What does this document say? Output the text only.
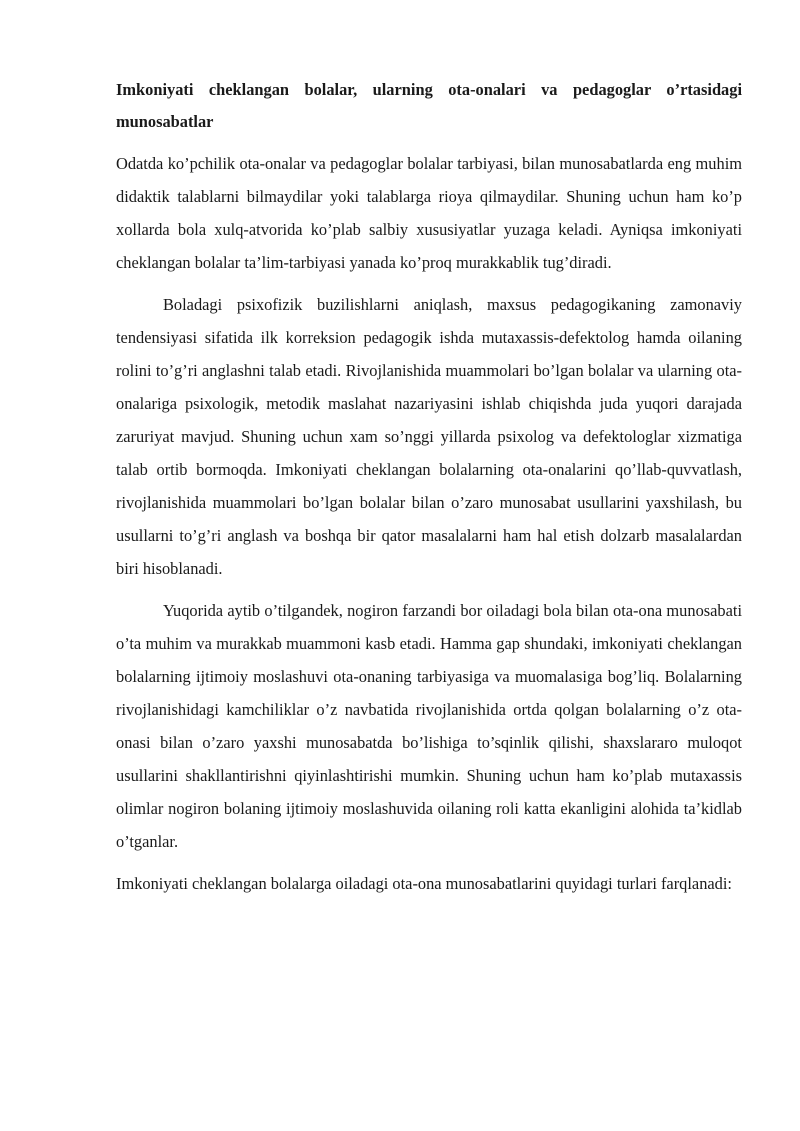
Imkoniyati cheklangan bolalar, ularning ota-onalari va pedagoglar o’rtasidagi munosabatlar

Odatda ko’pchilik ota-onalar va pedagoglar bolalar tarbiyasi, bilan munosabatlarda eng muhim didaktik talablarni bilmaydilar yoki talablarga rioya qilmaydilar. Shuning uchun ham ko’p xollarda bola xulq-atvorida ko’plab salbiy xususiyatlar yuzaga keladi. Ayniqsa imkoniyati cheklangan bolalar ta’lim-tarbiyasi yanada ko’proq murakkablik tug’diradi.

Boladagi psixofizik buzilishlarni aniqlash, maxsus pedagogikaning zamonaviy tendensiyasi sifatida ilk korreksion pedagogik ishda mutaxassis-defektolog hamda oilaning rolini to’g’ri anglashni talab etadi. Rivojlanishida muammolari bo’lgan bolalar va ularning ota-onalariga psixologik, metodik maslahat nazariyasini ishlab chiqishda juda yuqori darajada zaruriyat mavjud. Shuning uchun xam so’nggi yillarda psixolog va defektologlar xizmatiga talab ortib bormoqda. Imkoniyati cheklangan bolalarning ota-onalarini qo’llab-quvvatlash, rivojlanishida muammolari bo’lgan bolalar bilan o’zaro munosabat usullarini yaxshilash, bu usullarni to’g’ri anglash va boshqa bir qator masalalarni ham hal etish dolzarb masalalardan biri hisoblanadi.

Yuqorida aytib o’tilgandek, nogiron farzandi bor oiladagi bola bilan ota-ona munosabati o’ta muhim va murakkab muammoni kasb etadi. Hamma gap shundaki, imkoniyati cheklangan bolalarning ijtimoiy moslashuvi ota-onaning tarbiyasiga va muomalasiga bog’liq. Bolalarning rivojlanishidagi kamchiliklar o’z navbatida rivojlanishida ortda qolgan bolalarning o’z ota-onasi bilan o’zaro yaxshi munosabatda bo’lishiga to’sqinlik qilishi, shaxslararo muloqot usullarini shakllantirishni qiyinlashtirishi mumkin. Shuning uchun ham ko’plab mutaxassis olimlar nogiron bolaning ijtimoiy moslashuvida oilaning roli katta ekanligini alohida ta’kidlab o’tganlar.

Imkoniyati cheklangan bolalarga oiladagi ota-ona munosabatlarini quyidagi turlari farqlanadi:
